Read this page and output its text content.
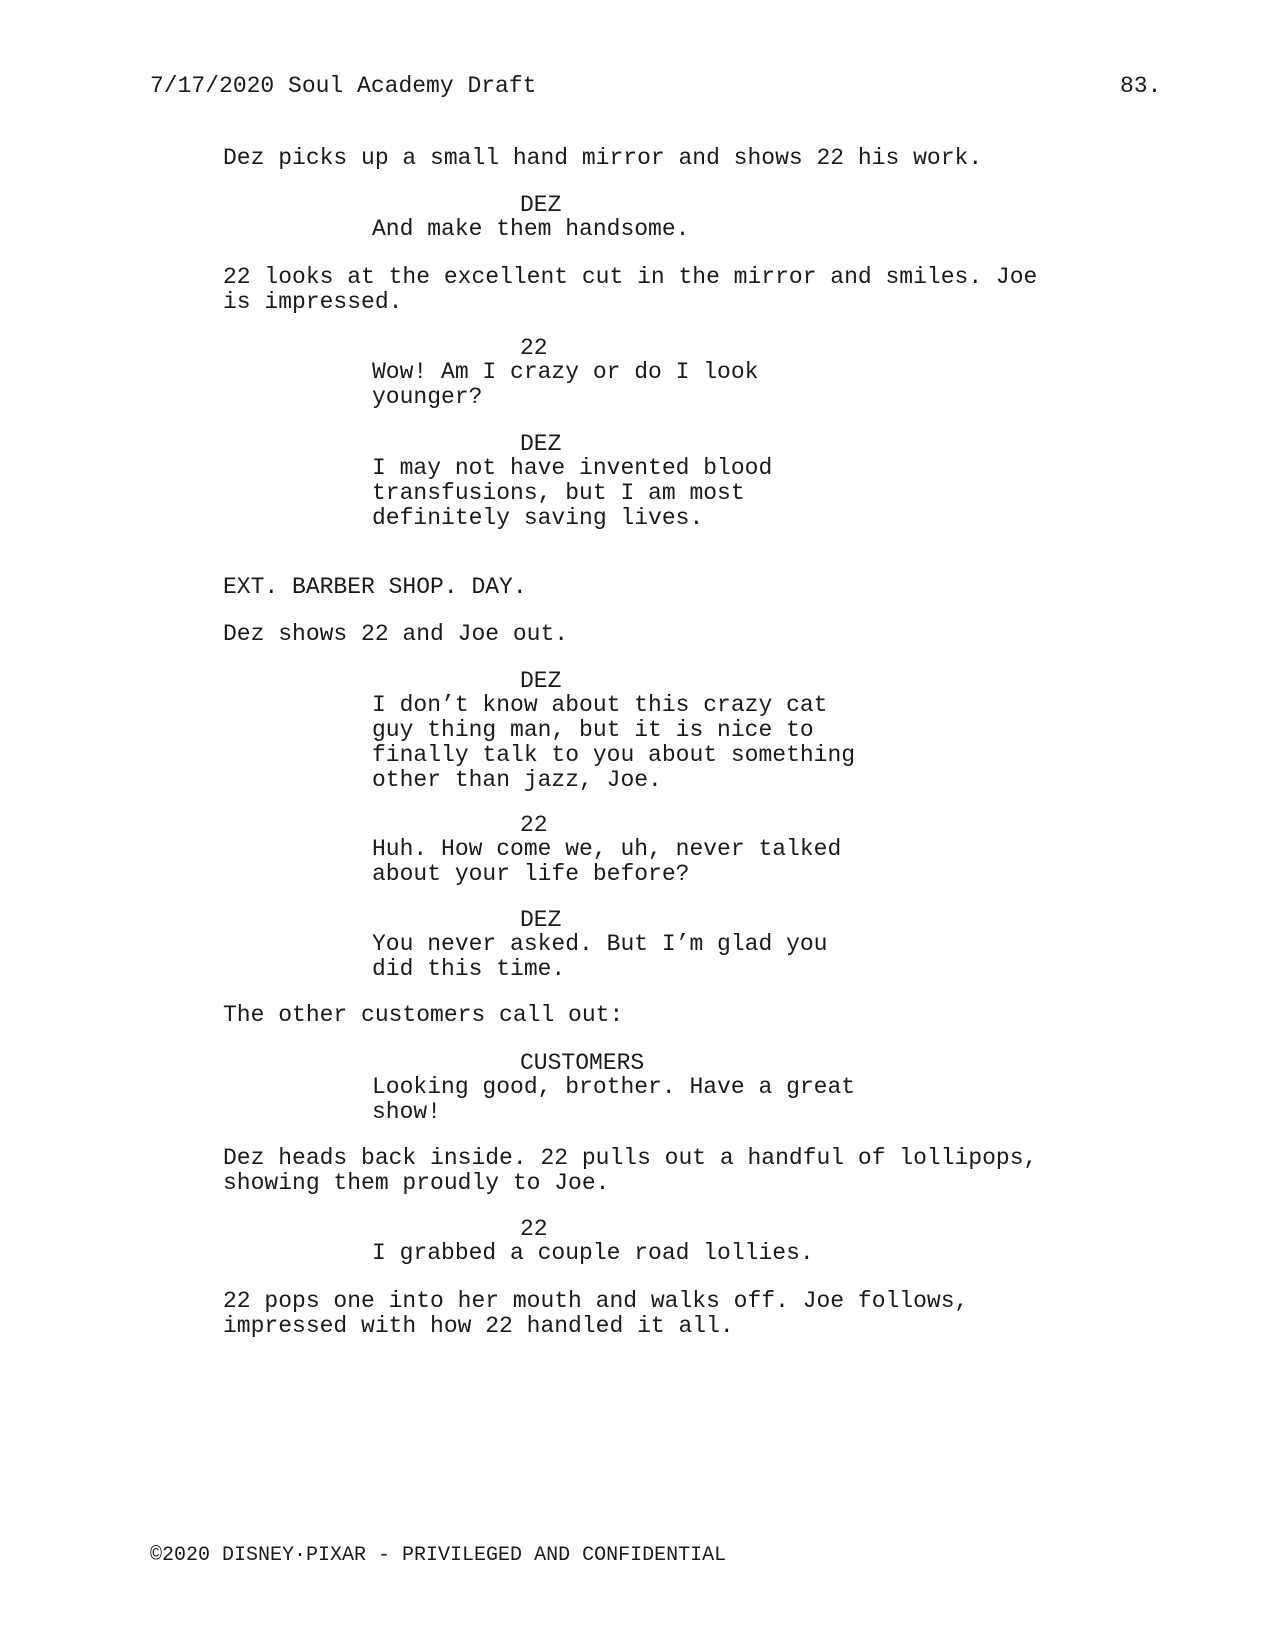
7/17/2020 Soul Academy Draft	83.
Dez picks up a small hand mirror and shows 22 his work.
DEZ
And make them handsome.
22 looks at the excellent cut in the mirror and smiles. Joe
is impressed.
22
Wow! Am I crazy or do I look
younger?
DEZ
I may not have invented blood
transfusions, but I am most
definitely saving lives.
EXT. BARBER SHOP. DAY.
Dez shows 22 and Joe out.
DEZ
I don’t know about this crazy cat
guy thing man, but it is nice to
finally talk to you about something
other than jazz, Joe.
22
Huh. How come we, uh, never talked
about your life before?
DEZ
You never asked. But I’m glad you
did this time.
The other customers call out:
CUSTOMERS
Looking good, brother. Have a great
show!
Dez heads back inside. 22 pulls out a handful of lollipops,
showing them proudly to Joe.
22
I grabbed a couple road lollies.
22 pops one into her mouth and walks off. Joe follows,
impressed with how 22 handled it all.
©2020 DISNEY·PIXAR - PRIVILEGED AND CONFIDENTIAL
